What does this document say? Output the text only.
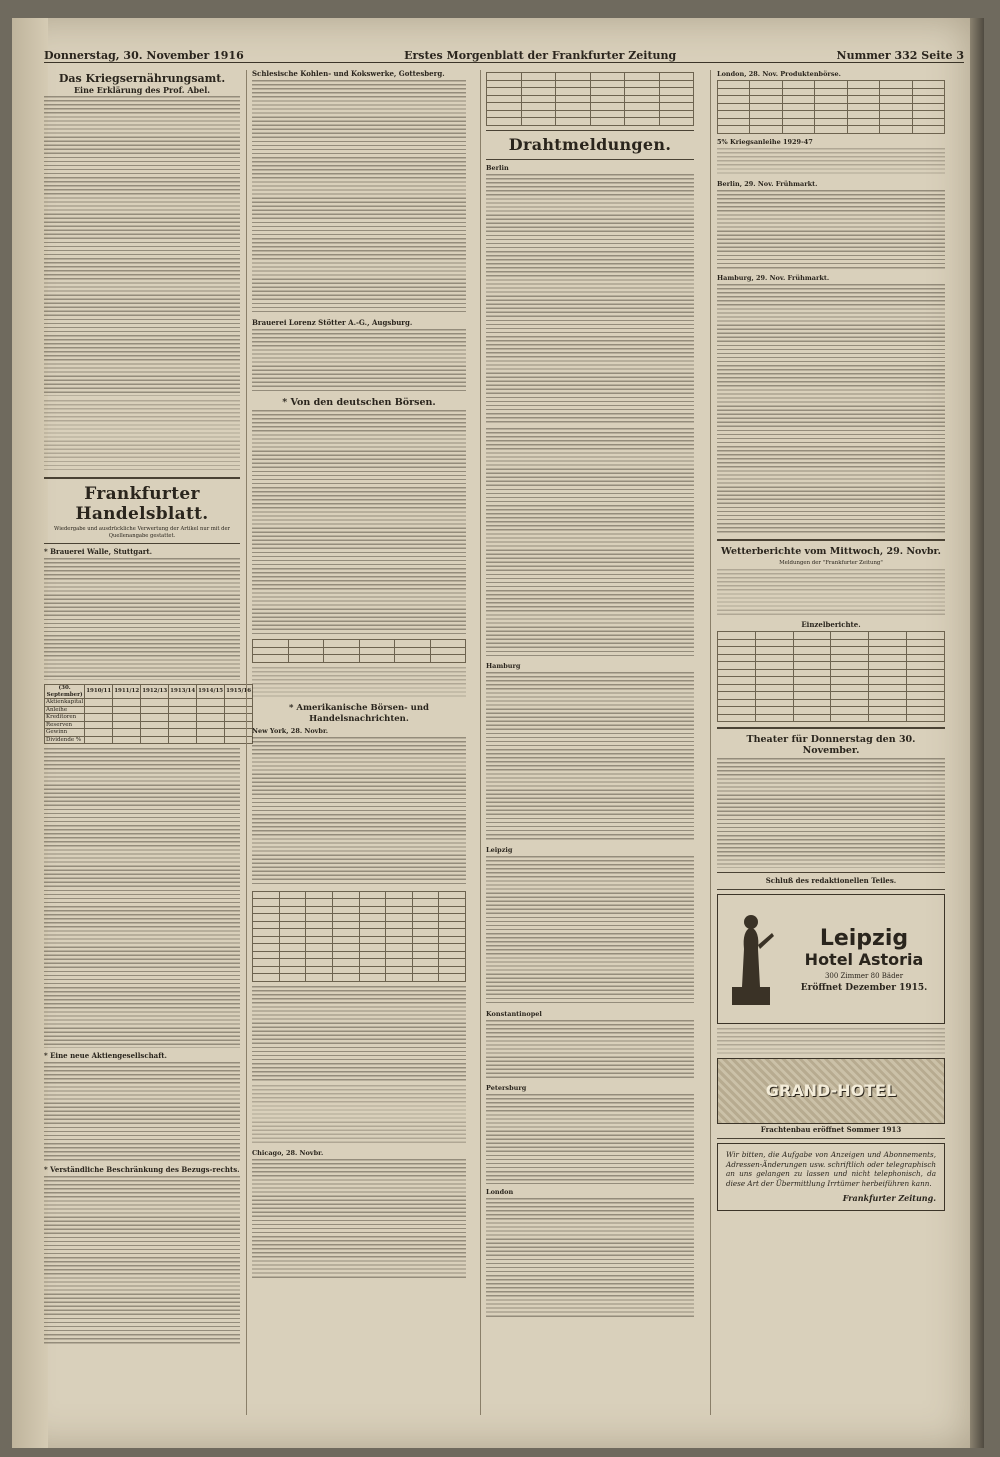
Donnerstag, 30. November 1916	Erstes Morgenblatt der Frankfurter Zeitung	Nummer 332 Seite 3
Das Kriegsernährungsamt.
Eine Erklärung des Prof. Abel.
Frankfurter Handelsblatt.
Wiedergabe und ausdrückliche Verwertung der Artikel nur mit der Quellenangabe gestattet.
* Brauerei Walle, Stuttgart.
(30. September)	1910/11	1911/12	1912/13	1913/14	1914/15	1915/16
Aktienkapital						
Anleihe						
Kreditoren						
Reserven						
Gewinn						
Dividende %						
* Eine neue Aktiengesellschaft.
* Verständliche Beschränkung des Bezugs-rechts.
Schlesische Kohlen- und Kokswerke, Gottesberg.
Brauerei Lorenz Stötter A.-G., Augsburg.
* Von den deutschen Börsen.

* Amerikanische Börsen- und Handelsnachrichten.
New York, 28. Novbr.

Chicago, 28. Novbr.

Drahtmeldungen.
Berlin
Hamburg
Leipzig
Konstantinopel
Petersburg
London
London, 28. Nov. Produktenbörse.

5% Kriegsanleihe 1929-47
Berlin, 29. Nov. Frühmarkt.
Hamburg, 29. Nov. Frühmarkt.
Wetterberichte vom Mittwoch, 29. Novbr.
Meldungen der "Frankfurter Zeitung"
Einzelberichte.

Theater für Donnerstag den 30. November.
Schluß des redaktionellen Teiles.
Leipzig
Hotel Astoria
300 Zimmer 80 Bäder
Eröffnet Dezember 1915.
GRAND-HOTEL
Frachtenbau eröffnet Sommer 1913
Wir bitten, die Aufgabe von Anzeigen und Abonnements, Adressen-Änderungen usw. schriftlich oder telegraphisch an uns gelangen zu lassen und nicht telephonisch, da diese Art der Übermittlung Irrtümer herbeiführen kann.
Frankfurter Zeitung.
